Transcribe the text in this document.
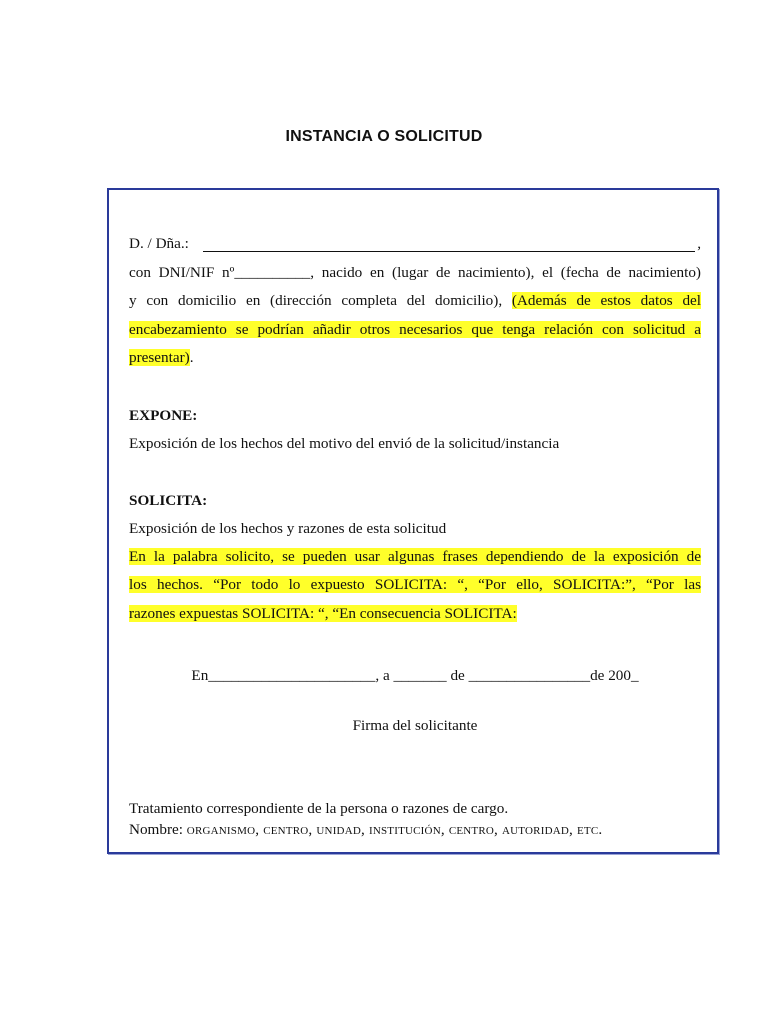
INSTANCIA O SOLICITUD
D. / Dña.:	,
con DNI/NIF nº__________, nacido en (lugar de nacimiento), el (fecha de nacimiento)
y con domicilio en (dirección completa del domicilio), (Además de estos datos del
encabezamiento se podrían añadir otros necesarios que tenga relación con solicitud a
presentar).
EXPONE:
Exposición de los hechos del motivo del envió de la solicitud/instancia
SOLICITA:
Exposición de los hechos y razones de esta solicitud
En la palabra solicito, se pueden usar algunas frases dependiendo de la exposición de
los hechos. “Por todo lo expuesto SOLICITA: “, “Por ello, SOLICITA:”, “Por las
razones expuestas SOLICITA: “, “En consecuencia SOLICITA:
En______________________, a _______ de ________________de 200_
Firma del solicitante
Tratamiento correspondiente de la persona o razones de cargo.
Nombre: organismo, centro, unidad, institución, centro, autoridad, etc.
